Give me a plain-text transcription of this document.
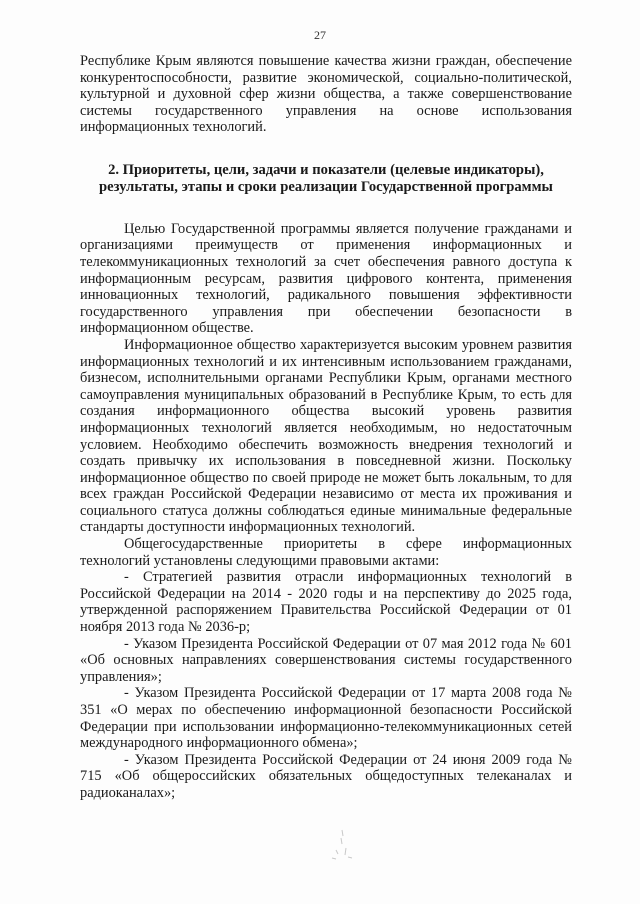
27

Республике Крым являются повышение качества жизни граждан, обеспечение конкурентоспособности, развитие экономической, социально-политической, культурной и духовной сфер жизни общества, а также совершенствование системы государственного управления на основе использования информационных технологий.

2. Приоритеты, цели, задачи и показатели (целевые индикаторы), результаты, этапы и сроки реализации Государственной программы

Целью Государственной программы является получение гражданами и организациями преимуществ от применения информационных и телекоммуникационных технологий за счет обеспечения равного доступа к информационным ресурсам, развития цифрового контента, применения инновационных технологий, радикального повышения эффективности государственного управления при обеспечении безопасности в информационном обществе.

Информационное общество характеризуется высоким уровнем развития информационных технологий и их интенсивным использованием гражданами, бизнесом, исполнительными органами Республики Крым, органами местного самоуправления муниципальных образований в Республике Крым, то есть для создания информационного общества высокий уровень развития информационных технологий является необходимым, но недостаточным условием. Необходимо обеспечить возможность внедрения технологий и создать привычку их использования в повседневной жизни. Поскольку информационное общество по своей природе не может быть локальным, то для всех граждан Российской Федерации независимо от места их проживания и социального статуса должны соблюдаться единые минимальные федеральные стандарты доступности информационных технологий.

Общегосударственные приоритеты в сфере информационных технологий установлены следующими правовыми актами:

- Стратегией развития отрасли информационных технологий в Российской Федерации на 2014 - 2020 годы и на перспективу до 2025 года, утвержденной распоряжением Правительства Российской Федерации от 01 ноября 2013 года № 2036-р;

- Указом Президента Российской Федерации от 07 мая 2012 года № 601 «Об основных направлениях совершенствования системы государственного управления»;

- Указом Президента Российской Федерации от 17 марта 2008 года № 351 «О мерах по обеспечению информационной безопасности Российской Федерации при использовании информационно-телекоммуникационных сетей международного информационного обмена»;

- Указом Президента Российской Федерации от 24 июня 2009 года № 715 «Об общероссийских обязательных общедоступных телеканалах и радиоканалах»;
